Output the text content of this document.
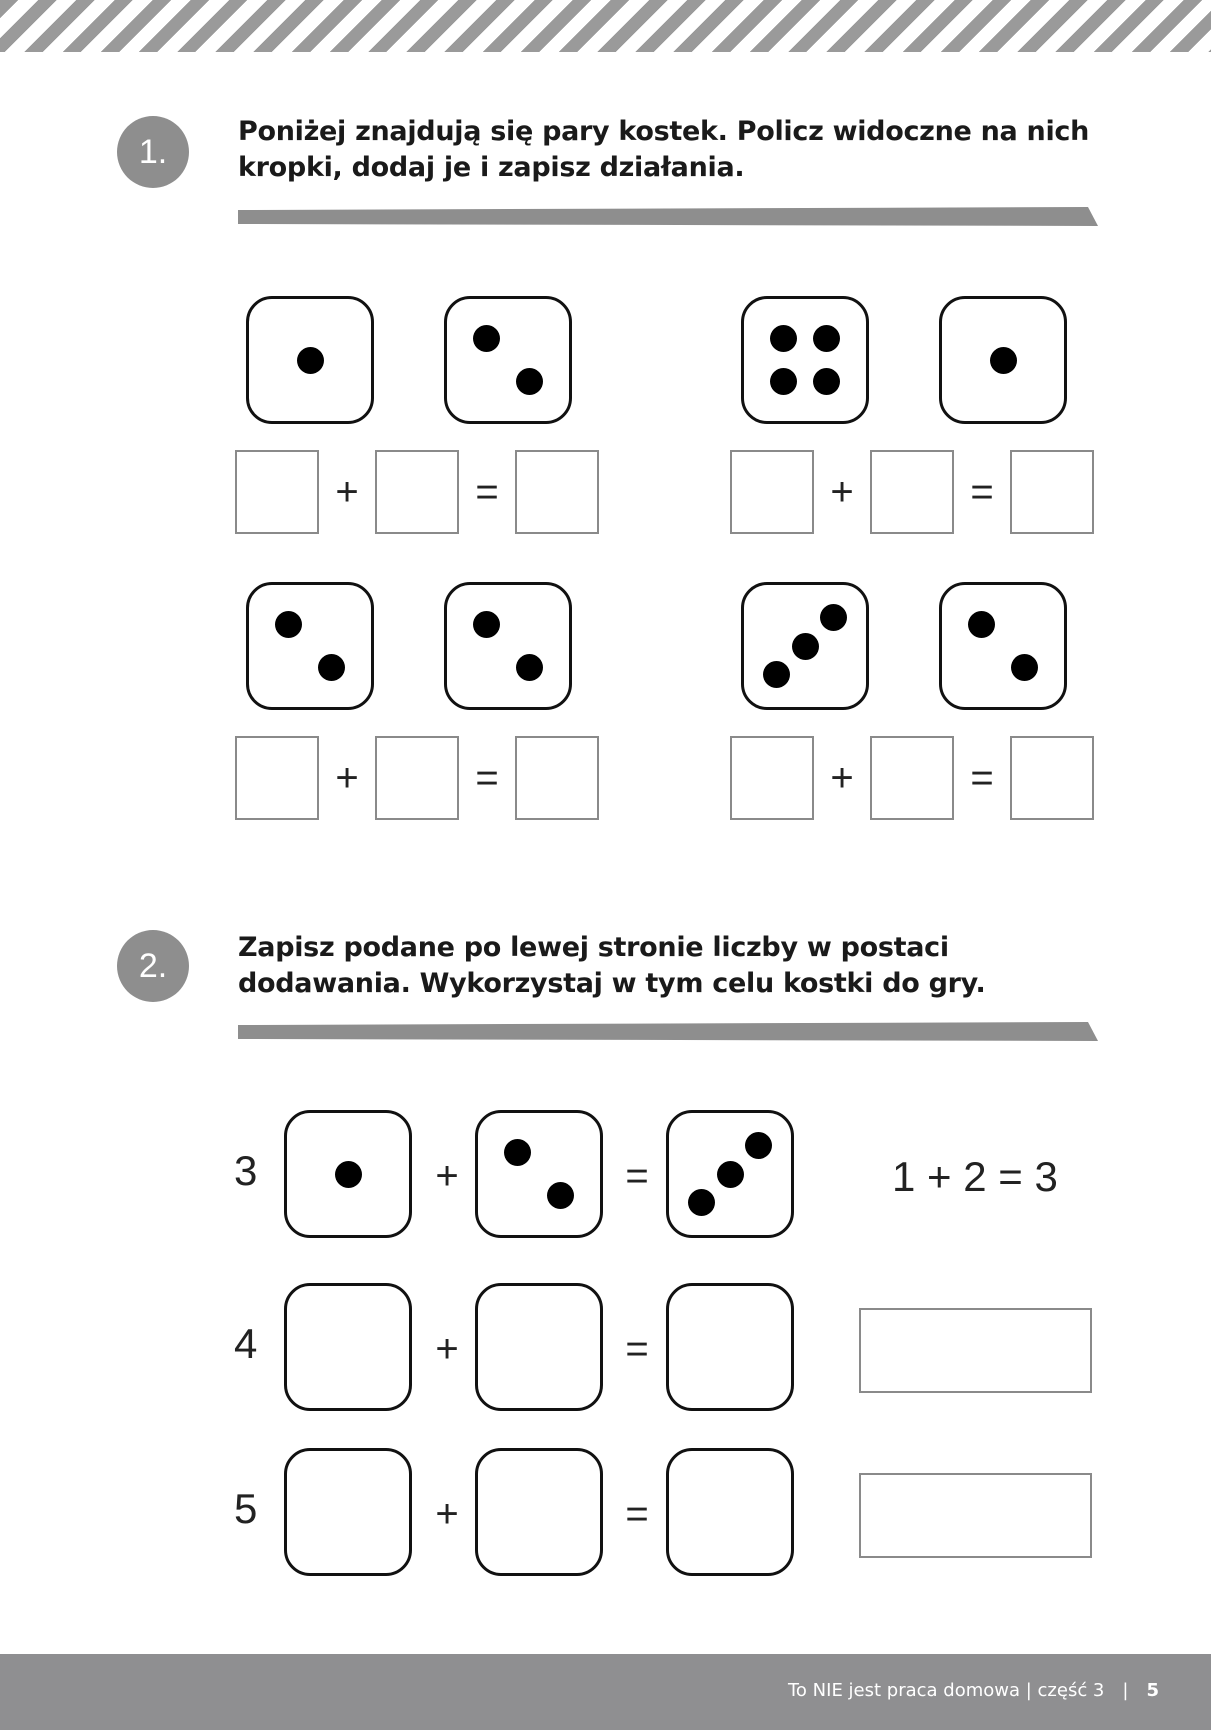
1.

Poniżej znajdują się pary kostek. Policz widoczne na nich kropki, dodaj je i zapisz działania.

+	=	+	=
+	=	+	=
2.	Zapisz podane po lewej stronie liczby w postaci dodawania. Wykorzystaj w tym celu kostki do gry.

3	+	=	1 + 2 = 3
4	+	=
5	+	=
To NIE jest praca domowa | część 3 | 5
